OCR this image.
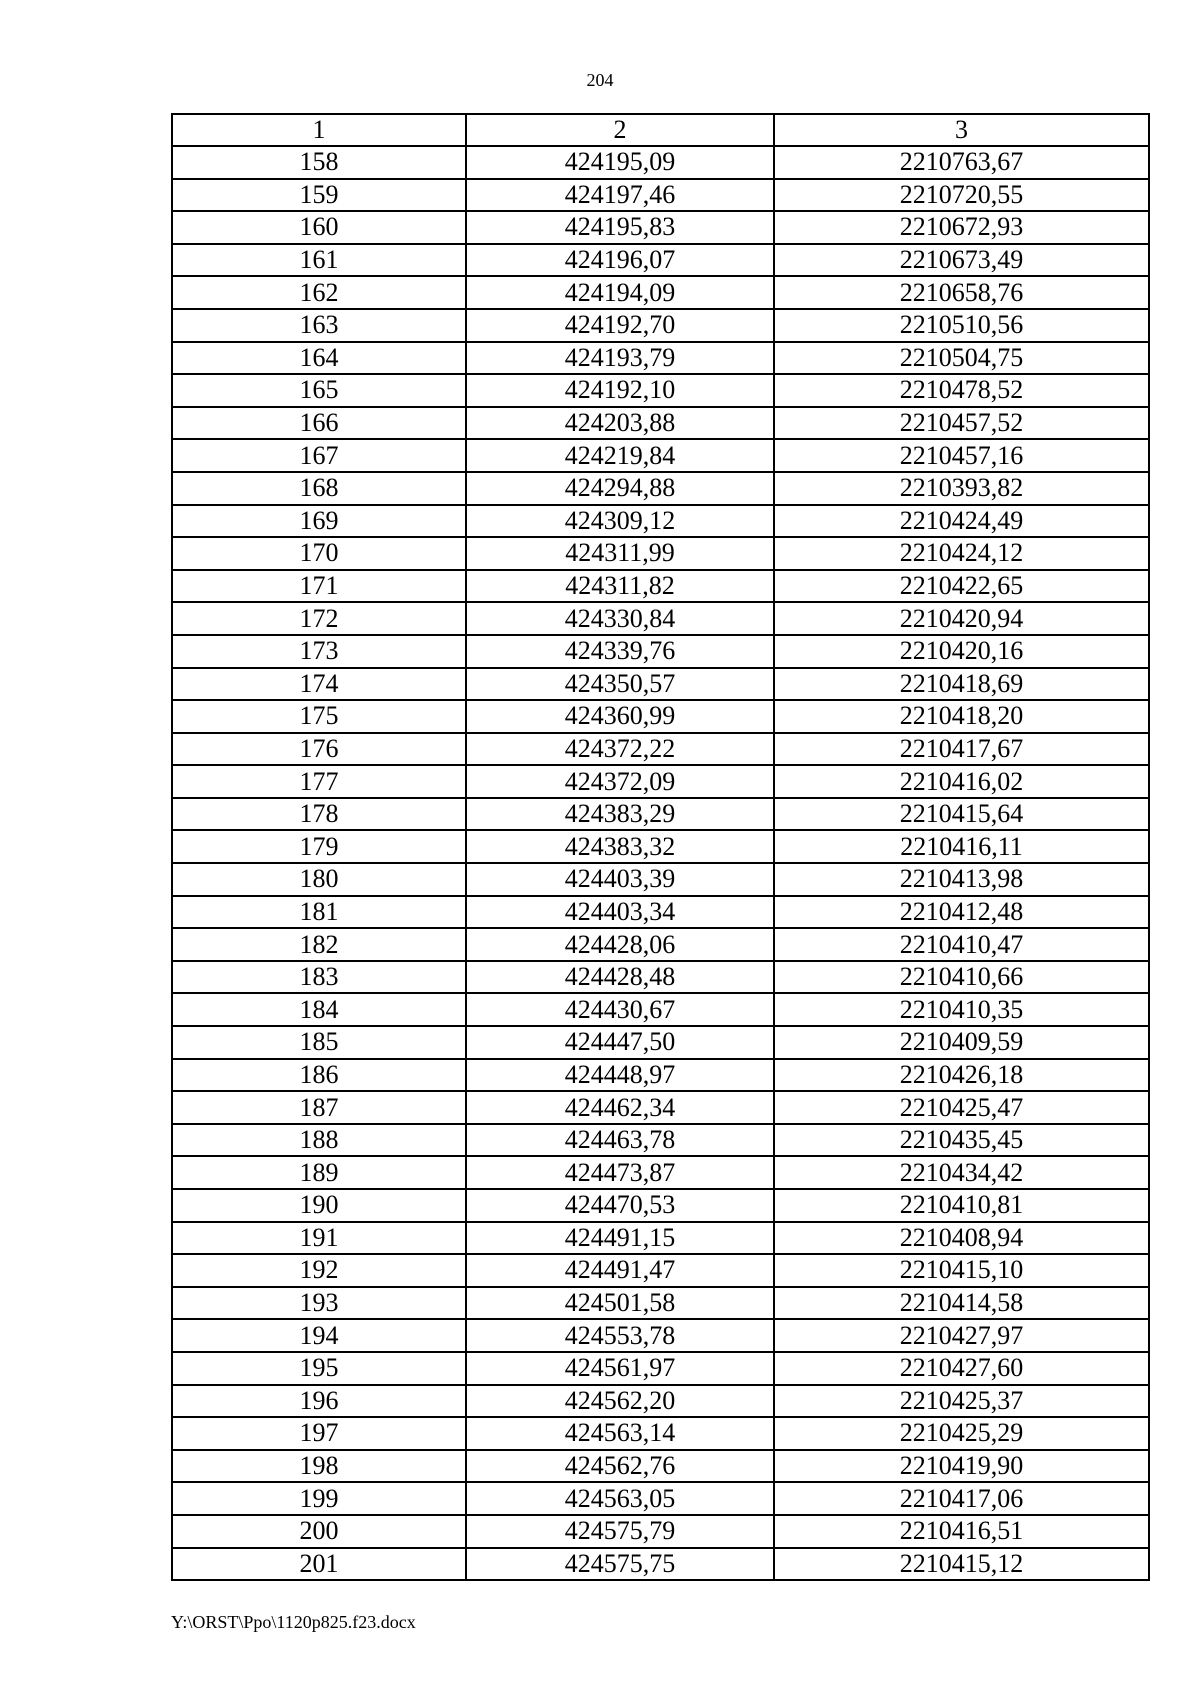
204
1	2	3
158	424195,09	2210763,67
159	424197,46	2210720,55
160	424195,83	2210672,93
161	424196,07	2210673,49
162	424194,09	2210658,76
163	424192,70	2210510,56
164	424193,79	2210504,75
165	424192,10	2210478,52
166	424203,88	2210457,52
167	424219,84	2210457,16
168	424294,88	2210393,82
169	424309,12	2210424,49
170	424311,99	2210424,12
171	424311,82	2210422,65
172	424330,84	2210420,94
173	424339,76	2210420,16
174	424350,57	2210418,69
175	424360,99	2210418,20
176	424372,22	2210417,67
177	424372,09	2210416,02
178	424383,29	2210415,64
179	424383,32	2210416,11
180	424403,39	2210413,98
181	424403,34	2210412,48
182	424428,06	2210410,47
183	424428,48	2210410,66
184	424430,67	2210410,35
185	424447,50	2210409,59
186	424448,97	2210426,18
187	424462,34	2210425,47
188	424463,78	2210435,45
189	424473,87	2210434,42
190	424470,53	2210410,81
191	424491,15	2210408,94
192	424491,47	2210415,10
193	424501,58	2210414,58
194	424553,78	2210427,97
195	424561,97	2210427,60
196	424562,20	2210425,37
197	424563,14	2210425,29
198	424562,76	2210419,90
199	424563,05	2210417,06
200	424575,79	2210416,51
201	424575,75	2210415,12
Y:\ORST\Ppo\1120p825.f23.docx
